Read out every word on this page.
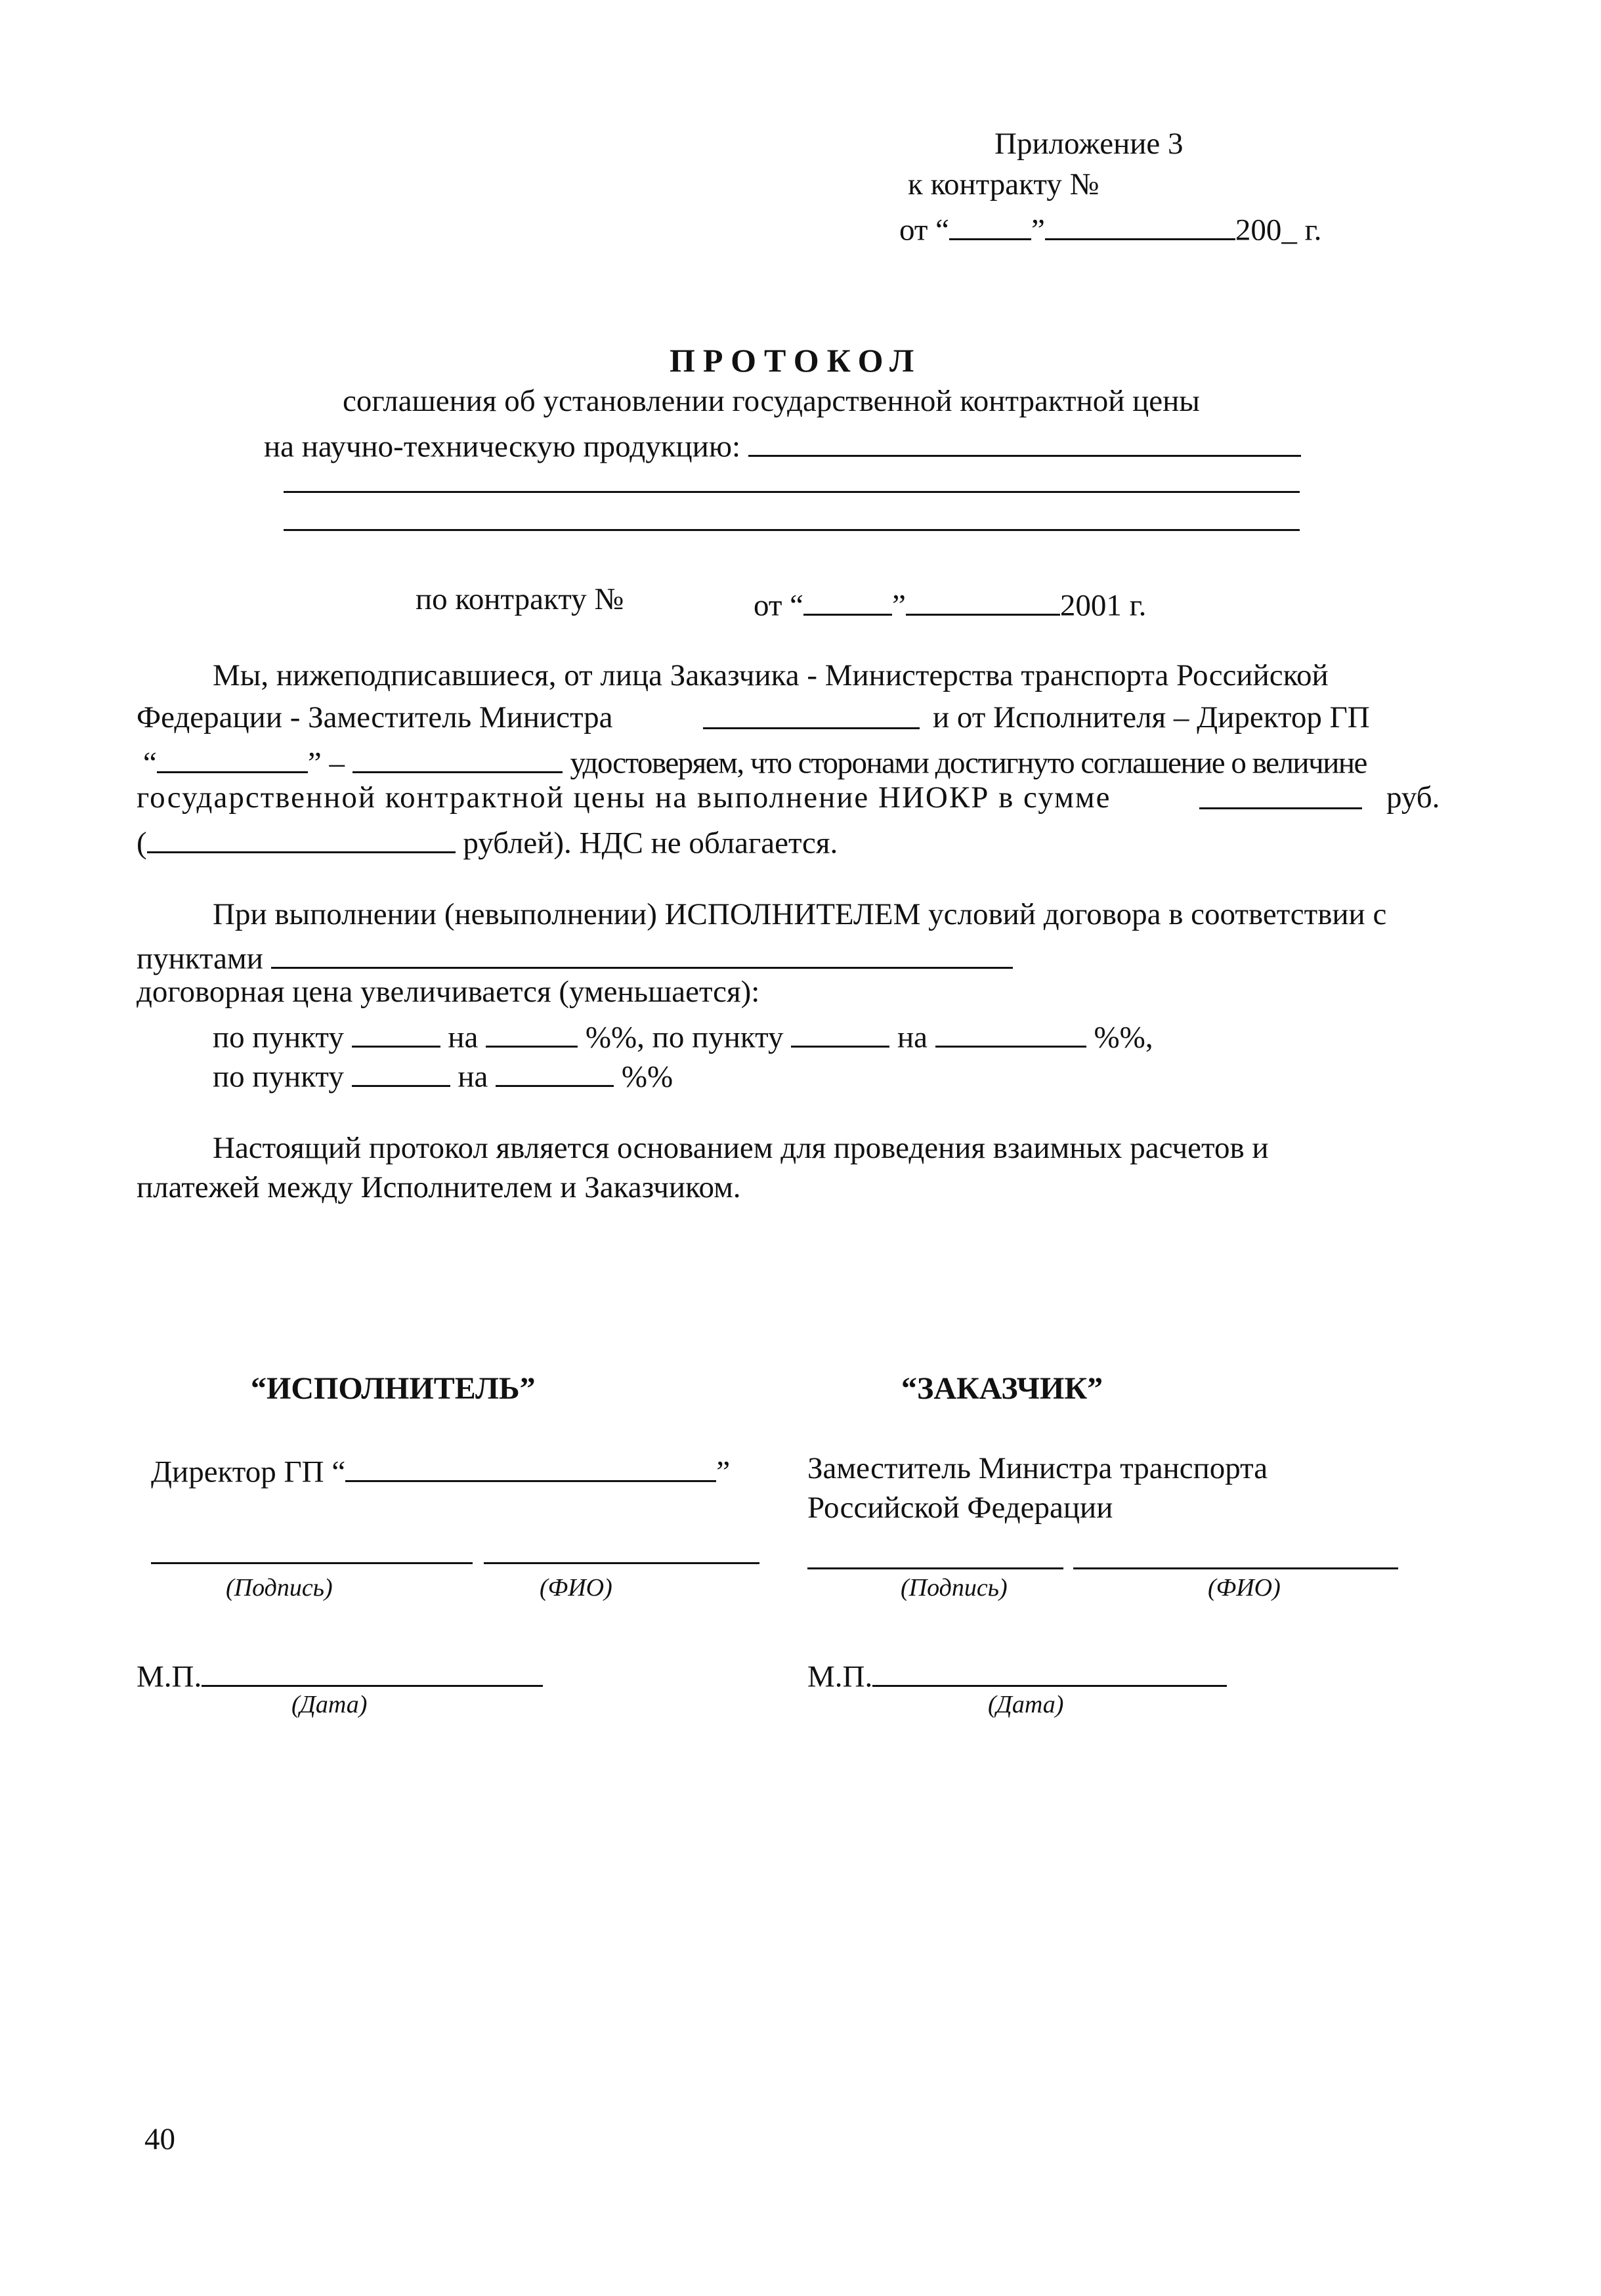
Приложение 3
к контракту №
от “	”	200_ г.
ПРОТОКОЛ
соглашения об установлении государственной контрактной цены
на научно-техническую продукцию:
по контракту №	от “	”	2001 г.
Мы, нижеподписавшиеся, от лица Заказчика - Министерства транспорта Российской
Федерации - Заместитель Министра	и от Исполнителя – Директор ГП
“	” –	удостоверяем, что сторонами достигнуто соглашение о величине
государственной контрактной цены на выполнение НИОКР в сумме	руб.
(	рублей). НДС не облагается.
При выполнении (невыполнении) ИСПОЛНИТЕЛЕМ условий договора в соответствии с
пунктами
договорная цена увеличивается (уменьшается):
по пункту	на	%%, по пункту	на	%%,
по пункту	на	%%
Настоящий протокол является основанием для проведения взаимных расчетов и
платежей между Исполнителем и Заказчиком.
“ИСПОЛНИТЕЛЬ”
Директор ГП “	”
(Подпись)	(ФИО)
М.П.
(Дата)
“ЗАКАЗЧИК”
Заместитель Министра транспорта
Российской Федерации
(Подпись)	(ФИО)
М.П.
(Дата)
40
